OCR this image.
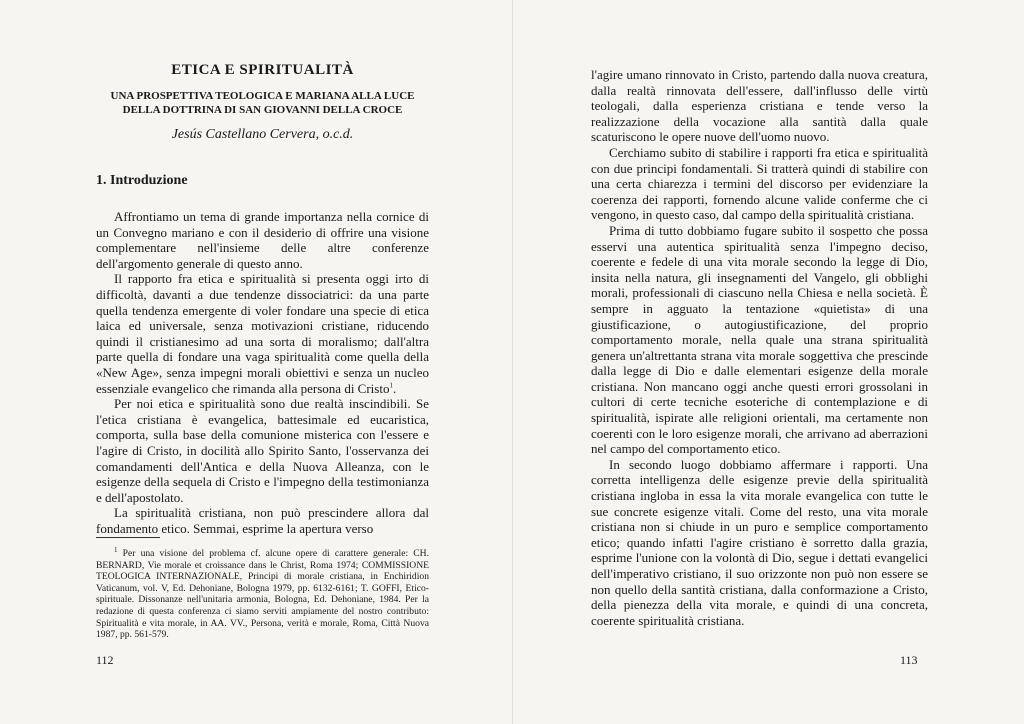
ETICA E SPIRITUALITÀ
UNA PROSPETTIVA TEOLOGICA E MARIANA ALLA LUCE
DELLA DOTTRINA DI SAN GIOVANNI DELLA CROCE
Jesús Castellano Cervera, o.c.d.
1. Introduzione

Affrontiamo un tema di grande importanza nella cornice di un Convegno mariano e con il desiderio di offrire una visione complementare nell'insieme delle altre conferenze dell'argomento generale di questo anno.

Il rapporto fra etica e spiritualità si presenta oggi irto di difficoltà, davanti a due tendenze dissociatrici: da una parte quella tendenza emergente di voler fondare una specie di etica laica ed universale, senza motivazioni cristiane, riducendo quindi il cristianesimo ad una sorta di moralismo; dall'altra parte quella di fondare una vaga spiritualità come quella della «New Age», senza impegni morali obiettivi e senza un nucleo essenziale evangelico che rimanda alla persona di Cristo$^1$.

Per noi etica e spiritualità sono due realtà inscindibili. Se l'etica cristiana è evangelica, battesimale ed eucaristica, comporta, sulla base della comunione misterica con l'essere e l'agire di Cristo, in docilità allo Spirito Santo, l'osservanza dei comandamenti dell'Antica e della Nuova Alleanza, con le esigenze della sequela di Cristo e l'impegno della testimonianza e dell'apostolato.

La spiritualità cristiana, non può prescindere allora dal fondamento etico. Semmai, esprime la apertura verso

$^1$ Per una visione del problema cf. alcune opere di carattere generale: CH. BERNARD, Vie morale et croissance dans le Christ, Roma 1974; COMMISSIONE TEOLOGICA INTERNAZIONALE, Principi di morale cristiana, in Enchiridion Vaticanum, vol. V, Ed. Dehoniane, Bologna 1979, pp. 6132-6161; T. GOFFI, Etico-spirituale. Dissonanze nell'unitaria armonia, Bologna, Ed. Dehoniane, 1984. Per la redazione di questa conferenza ci siamo serviti ampiamente del nostro contributo: Spiritualità e vita morale, in AA. VV., Persona, verità e morale, Roma, Città Nuova 1987, pp. 561-579.

112

l'agire umano rinnovato in Cristo, partendo dalla nuova creatura, dalla realtà rinnovata dell'essere, dall'influsso delle virtù teologali, dalla esperienza cristiana e tende verso la realizzazione della vocazione alla santità dalla quale scaturiscono le opere nuove dell'uomo nuovo.

Cerchiamo subito di stabilire i rapporti fra etica e spiritualità con due principi fondamentali. Si tratterà quindi di stabilire con una certa chiarezza i termini del discorso per evidenziare la coerenza dei rapporti, fornendo alcune valide conferme che ci vengono, in questo caso, dal campo della spiritualità cristiana.

Prima di tutto dobbiamo fugare subito il sospetto che possa esservi una autentica spiritualità senza l'impegno deciso, coerente e fedele di una vita morale secondo la legge di Dio, insita nella natura, gli insegnamenti del Vangelo, gli obblighi morali, professionali di ciascuno nella Chiesa e nella società. È sempre in agguato la tentazione «quietista» di una giustificazione, o autogiustificazione, del proprio comportamento morale, nella quale una strana spiritualità genera un'altrettanta strana vita morale soggettiva che prescinde dalla legge di Dio e dalle elementari esigenze della morale cristiana. Non mancano oggi anche questi errori grossolani in cultori di certe tecniche esoteriche di contemplazione e di spiritualità, ispirate alle religioni orientali, ma certamente non coerenti con le loro esigenze morali, che arrivano ad aberrazioni nel campo del comportamento etico.

In secondo luogo dobbiamo affermare i rapporti. Una corretta intelligenza delle esigenze previe della spiritualità cristiana ingloba in essa la vita morale evangelica con tutte le sue concrete esigenze vitali. Come del resto, una vita morale cristiana non si chiude in un puro e semplice comportamento etico; quando infatti l'agire cristiano è sorretto dalla grazia, esprime l'unione con la volontà di Dio, segue i dettati evangelici dell'imperativo cristiano, il suo orizzonte non può non essere se non quello della santità cristiana, dalla conformazione a Cristo, della pienezza della vita morale, e quindi di una concreta, coerente spiritualità cristiana.

113
